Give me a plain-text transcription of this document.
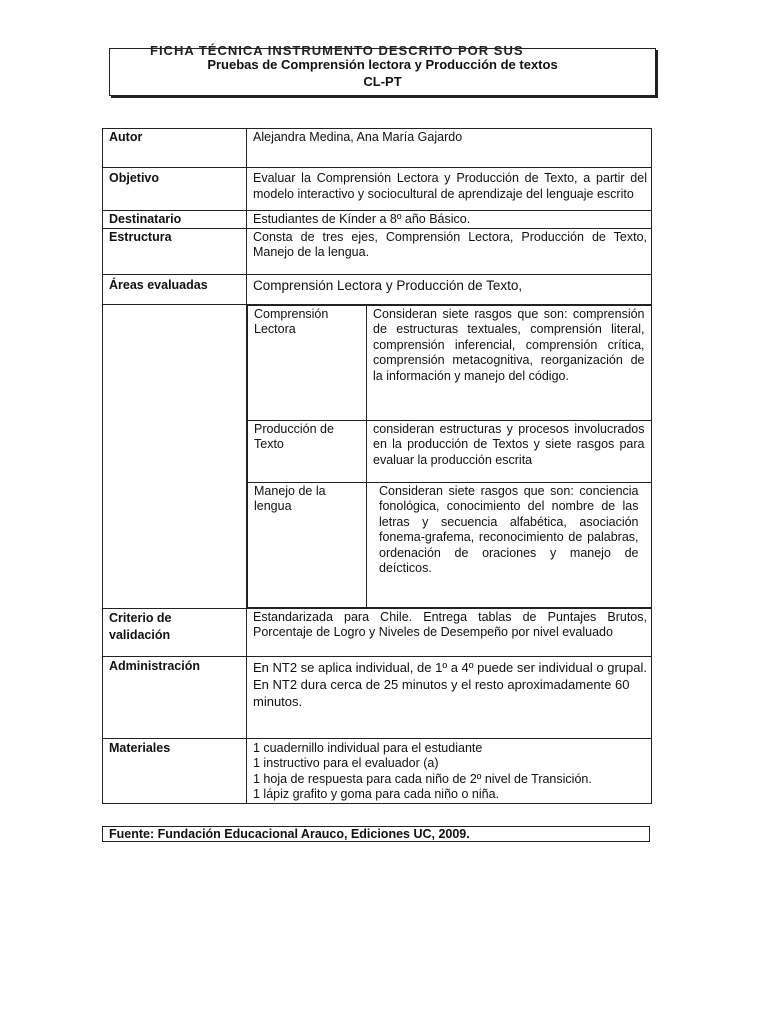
FICHA TÉCNICA INSTRUMENTO DESCRITO POR SUS
Pruebas de Comprensión lectora y Producción de textos
CL-PT
Autor	Alejandra Medina, Ana María Gajardo
Objetivo	Evaluar la Comprensión Lectora y Producción de Texto, a partir del modelo interactivo y sociocultural de aprendizaje del lenguaje escrito
Destinatario	Estudiantes de Kínder a 8º año Básico.
Estructura	Consta de tres ejes, Comprensión Lectora, Producción de Texto, Manejo de la lengua.
Áreas evaluadas	Comprensión Lectora y Producción de Texto,

Comprensión Lectora	Consideran siete rasgos que son: comprensión de estructuras textuales, comprensión literal, comprensión inferencial, comprensión crítica, comprensión metacognitiva, reorganización de la información y manejo del código.
Producción de Texto	consideran estructuras y procesos involucrados en la producción de Textos y siete rasgos para evaluar la producción escrita
Manejo de la lengua	Consideran siete rasgos que son: conciencia fonológica, conocimiento del nombre de las letras y secuencia alfabética, asociación fonema-grafema, reconocimiento de palabras, ordenación de oraciones y manejo de deícticos.

Criterio de
validación	Estandarizada para Chile. Entrega tablas de Puntajes Brutos, Porcentaje de Logro y Niveles de Desempeño por nivel evaluado
Administración	En NT2 se aplica individual, de 1º a 4º puede ser individual o grupal.

En NT2 dura cerca de 25 minutos y el resto aproximadamente 60 minutos.

Materiales	1 cuadernillo individual para el estudiante

1 instructivo para el evaluador (a)

1 hoja de respuesta para cada niño de 2º nivel de Transición.

1 lápiz grafito y goma para cada niño o niña.

Fuente: Fundación Educacional Arauco, Ediciones UC, 2009.
